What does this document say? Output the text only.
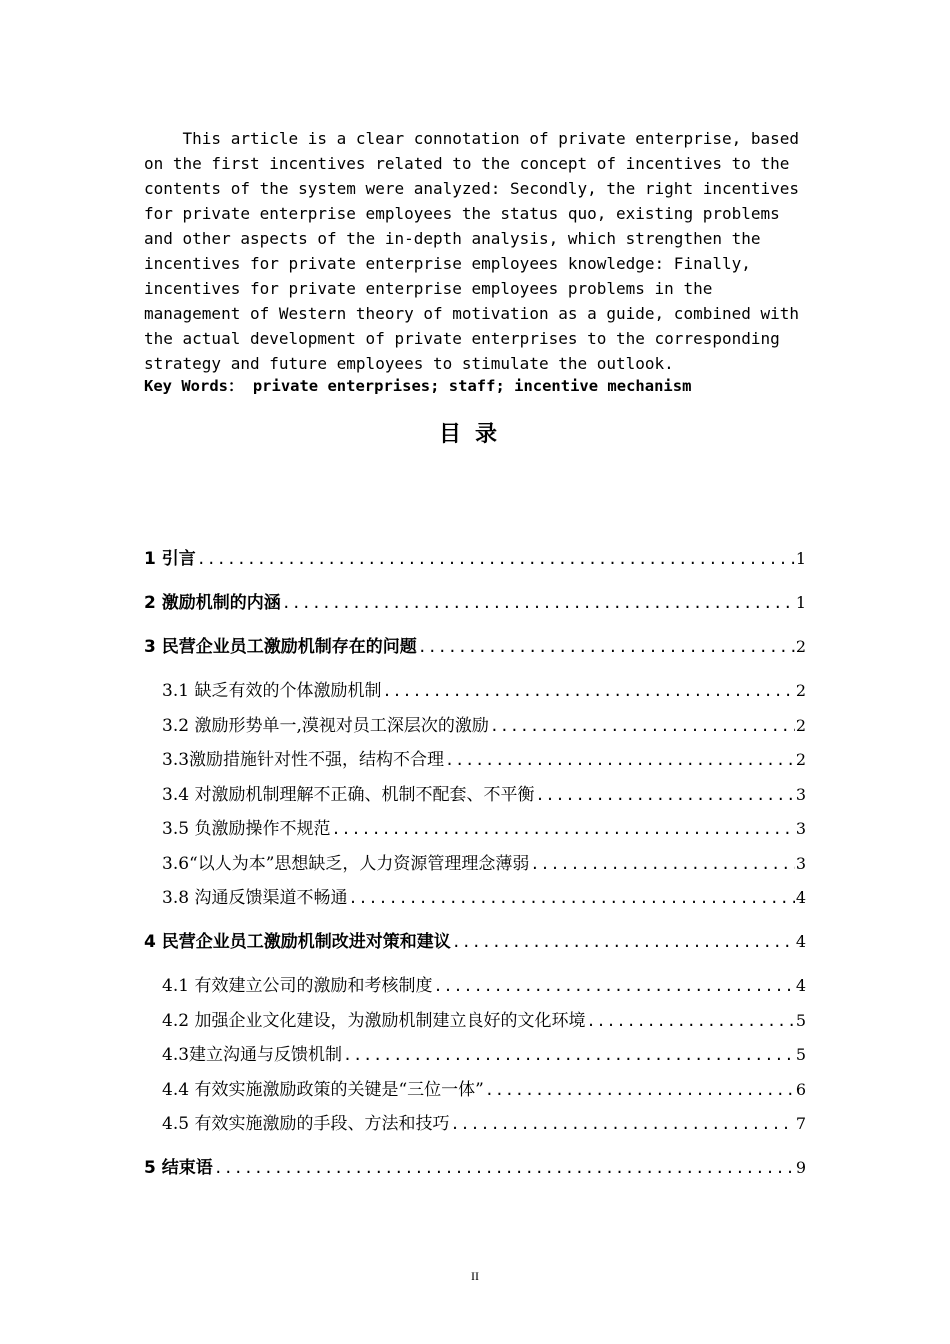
This article is a clear connotation of private enterprise, based
on the first incentives related to the concept of incentives to the
contents of the system were analyzed: Secondly, the right incentives
for private enterprise employees the status quo, existing problems
and other aspects of the in-depth analysis, which strengthen the
incentives for private enterprise employees knowledge: Finally,
incentives for private enterprise employees problems in the
management of Western theory of motivation as a guide, combined with
the actual development of private enterprises to the corresponding
strategy and future employees to stimulate the outlook.
Key Words： private enterprises; staff; incentive mechanism
目录
1 引言 .....	1
2 激励机制的内涵 .....	1
3 民营企业员工激励机制存在的问题 .....	2
3.1 缺乏有效的个体激励机制 .....	2
3.2 激励形势单一,漠视对员工深层次的激励 .....	2
3.3激励措施针对性不强，结构不合理 .....	2
3.4 对激励机制理解不正确、机制不配套、不平衡 .....	3
3.5 负激励操作不规范 .....	3
3.6“以人为本”思想缺乏，人力资源管理理念薄弱 .....	3
3.8 沟通反馈渠道不畅通 .....	4
4 民营企业员工激励机制改进对策和建议 .....	4
4.1 有效建立公司的激励和考核制度 .....	4
4.2 加强企业文化建设，为激励机制建立良好的文化环境 .....	5
4.3建立沟通与反馈机制 .....	5
4.4 有效实施激励政策的关键是“三位一体” .....	6
4.5 有效实施激励的手段、方法和技巧 .....	7
5 结束语 .....	9
II
